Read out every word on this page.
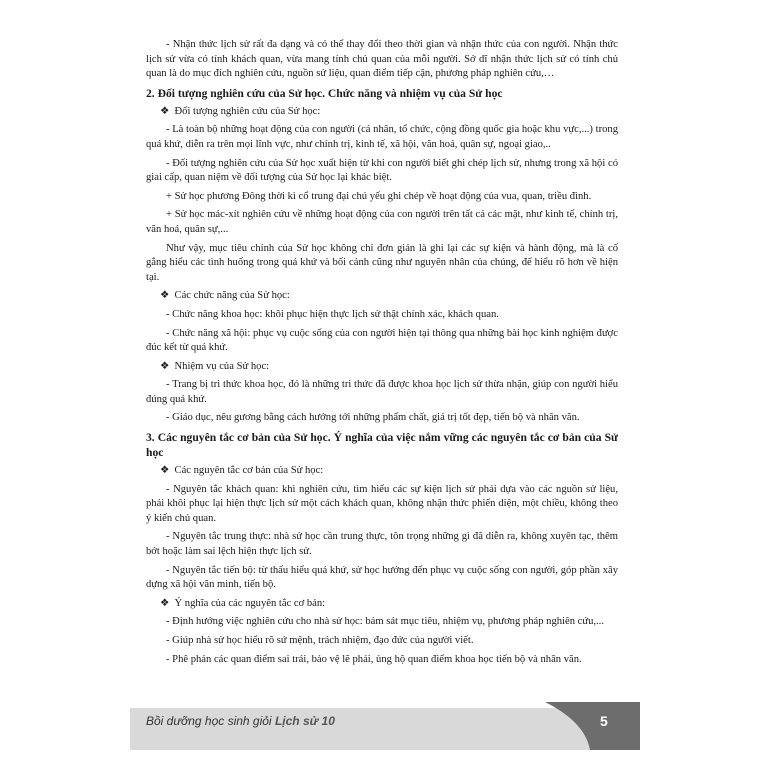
- Nhận thức lịch sử rất đa dạng và có thể thay đổi theo thời gian và nhận thức của con người. Nhận thức lịch sử vừa có tính khách quan, vừa mang tính chủ quan của mỗi người. Sở dĩ nhận thức lịch sử có tính chủ quan là do mục đích nghiên cứu, nguồn sử liệu, quan điểm tiếp cận, phương pháp nghiên cứu,…

2. Đối tượng nghiên cứu của Sử học. Chức năng và nhiệm vụ của Sử học

❖ Đối tượng nghiên cứu của Sử học:

- Là toàn bộ những hoạt động của con người (cá nhân, tổ chức, cộng đồng quốc gia hoặc khu vực,...) trong quá khứ, diễn ra trên mọi lĩnh vực, như chính trị, kinh tế, xã hội, văn hoá, quân sự, ngoại giao,..

- Đối tượng nghiên cứu của Sử học xuất hiện từ khi con người biết ghi chép lịch sử, nhưng trong xã hội có giai cấp, quan niệm về đối tượng của Sử học lại khác biệt.

+ Sử học phương Đông thời kì cổ trung đại chú yếu ghi chép về hoạt động của vua, quan, triều đình.

+ Sử học mác-xít nghiên cứu về những hoạt động của con người trên tất cả các mặt, như kinh tế, chính trị, văn hoá, quân sự,...

Như vậy, mục tiêu chính của Sử học không chỉ đơn giản là ghi lại các sự kiện và hành động, mà là cố gắng hiểu các tình huống trong quá khứ và bối cảnh cũng như nguyên nhân của chúng, để hiểu rõ hơn về hiện tại.

❖ Các chức năng của Sử học:

- Chức năng khoa học: khôi phục hiện thực lịch sử thật chính xác, khách quan.

- Chức năng xã hội: phục vụ cuộc sống của con người hiện tại thông qua những bài học kinh nghiệm được đúc kết từ quá khứ.

❖ Nhiệm vụ của Sử học:

- Trang bị tri thức khoa học, đó là những tri thức đã được khoa học lịch sử thừa nhận, giúp con người hiểu đúng quá khứ.

- Giáo dục, nêu gương bằng cách hướng tới những phẩm chất, giá trị tốt đẹp, tiến bộ và nhân văn.

3. Các nguyên tắc cơ bản của Sử học. Ý nghĩa của việc nắm vững các nguyên tắc cơ bản của Sử học

❖ Các nguyên tắc cơ bản của Sử học:

- Nguyên tắc khách quan: khi nghiên cứu, tìm hiểu các sự kiện lịch sử phải dựa vào các nguồn sử liệu, phải khôi phục lại hiện thực lịch sử một cách khách quan, không nhận thức phiến diện, một chiều, không theo ý kiến chủ quan.

- Nguyên tắc trung thực: nhà sử học cần trung thực, tôn trọng những gì đã diễn ra, không xuyên tạc, thêm bớt hoặc làm sai lệch hiện thực lịch sử.

- Nguyên tắc tiến bộ: từ thấu hiểu quá khứ, sử học hướng đến phục vụ cuộc sống con người, góp phần xây dựng xã hội văn minh, tiến bộ.

❖ Ý nghĩa của các nguyên tắc cơ bản:

- Định hướng việc nghiên cứu cho nhà sử học: bám sát mục tiêu, nhiệm vụ, phương pháp nghiên cứu,...

- Giúp nhà sử học hiểu rõ sứ mệnh, trách nhiệm, đạo đức của người viết.

- Phê phán các quan điểm sai trái, bảo vệ lẽ phải, ủng hộ quan điểm khoa học tiến bộ và nhân văn.

Bồi dưỡng học sinh giỏi Lịch sử 10	5
